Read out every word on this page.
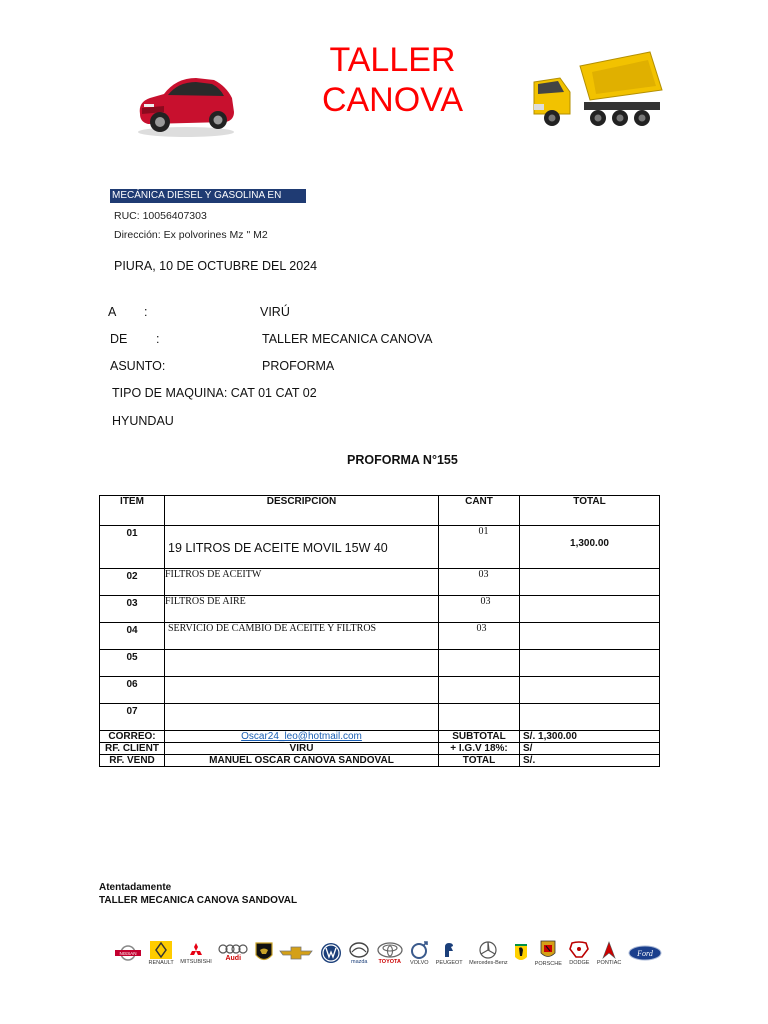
TALLER
CANOVA
MECÁNICA DIESEL Y GASOLINA EN
RUC: 10056407303
Dirección: Ex polvorines Mz " M2
PIURA, 10 DE OCTUBRE DEL 2024
A :	VIRÚ
DE :	TALLER MECANICA CANOVA
ASUNTO:	PROFORMA
TIPO DE MAQUINA: CAT 01 CAT 02
HYUNDAU
PROFORMA N°155
ITEM	DESCRIPCION	CANT	TOTAL
01	19 LITROS DE ACEITE MOVIL 15W 40	01	1,300.00
02	FILTROS DE ACEITW	03	
03	FILTROS DE AIRE	03	
04	SERVICIO DE CAMBIO DE ACEITE Y FILTROS	03	
05			
06			
07			
CORREO:	Oscar24_leo@hotmail.com	SUBTOTAL	S/. 1,300.00
RF. CLIENT	VIRU	+ I.G.V 18%:	S/
RF. VEND	MANUEL OSCAR CANOVA SANDOVAL	TOTAL	S/.
Atentadamente
TALLER MECANICA CANOVA SANDOVAL
NISSAN
RENAULT MITSUBISHI Audi	mazda TOYOTA VOLVO PEUGEOT Mercedes-Benz	PORSCHE DODGE PONTIAC
Ford
